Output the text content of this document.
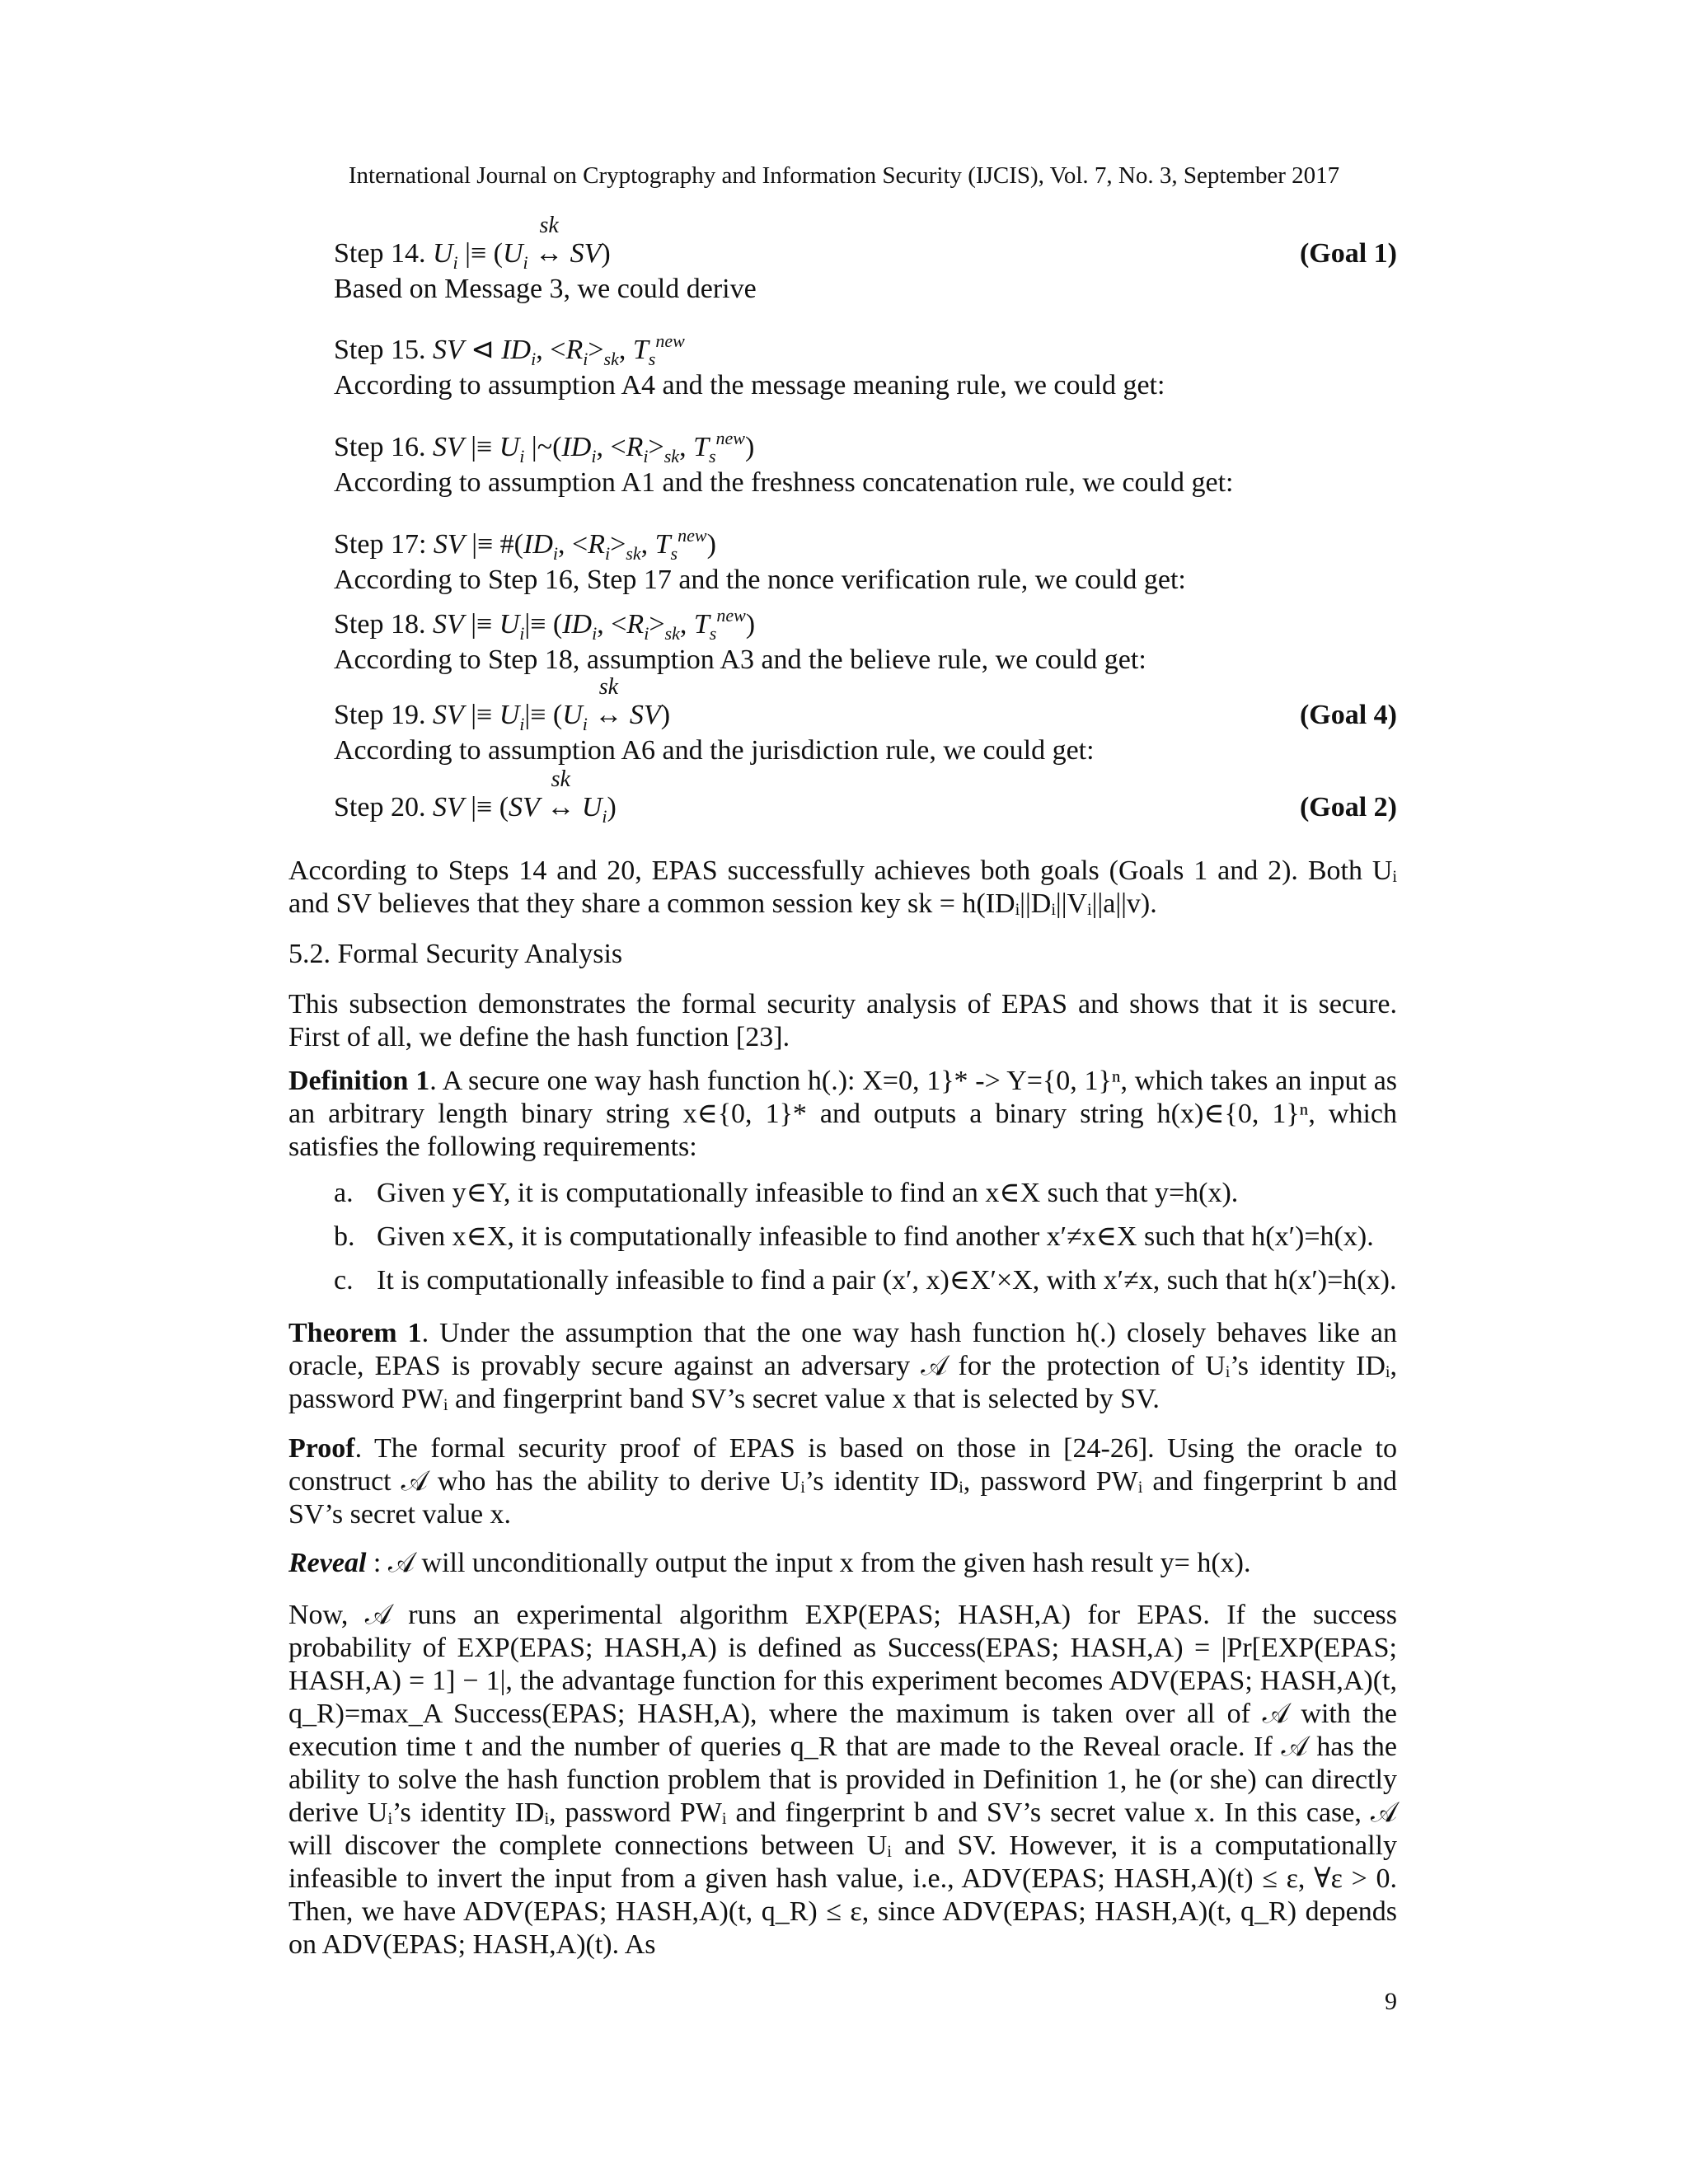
International Journal on Cryptography and Information Security (IJCIS), Vol. 7, No. 3, September 2017
Step 14. $U_i$ |≡ ($U_i$
sk
↔ SV)	(Goal 1)
Based on Message 3, we could derive
Step 15. SV ⊲ $ID_i$, $<R_i>_{sk}$, $T_s^{new}$
According to assumption A4 and the message meaning rule, we could get:
Step 16. SV |≡ $U_i$ $|\sim(ID_i$, $<R_i>_{sk}$, $T_s^{new}$)
According to assumption A1 and the freshness concatenation rule, we could get:
Step 17: SV |≡ $\#(ID_i$, $<R_i>_{sk}$, $T_s^{new}$)
According to Step 16, Step 17 and the nonce verification rule, we could get:
Step 18. SV |≡ $U_i|\equiv (ID_i$, $<R_i>_{sk}$, $T_s^{new}$)
According to Step 18, assumption A3 and the believe rule, we could get:
Step 19. SV |≡ $U_i|\equiv (U_i$
sk
↔ SV)	(Goal 4)
According to assumption A6 and the jurisdiction rule, we could get:
Step 20. SV |≡ (SV
sk
↔ $U_i$)	(Goal 2)
According to Steps 14 and 20, EPAS successfully achieves both goals (Goals 1 and 2). Both Uᵢ and SV believes that they share a common session key sk = h(IDᵢ||Dᵢ||Vᵢ||a||v).
5.2. Formal Security Analysis
This subsection demonstrates the formal security analysis of EPAS and shows that it is secure. First of all, we define the hash function [23].
Definition 1. A secure one way hash function h(.): X=0, 1}* -> Y={0, 1}ⁿ, which takes an input as an arbitrary length binary string x∈{0, 1}* and outputs a binary string h(x)∈{0, 1}ⁿ, which satisfies the following requirements:
a. Given y∈Y, it is computationally infeasible to find an x∈X such that y=h(x).
b. Given x∈X, it is computationally infeasible to find another x′≠x∈X such that h(x′)=h(x).
c. It is computationally infeasible to find a pair (x′, x)∈X′×X, with x′≠x, such that h(x′)=h(x).
Theorem 1. Under the assumption that the one way hash function h(.) closely behaves like an oracle, EPAS is provably secure against an adversary 𝒜 for the protection of Uᵢ’s identity IDᵢ, password PWᵢ and fingerprint band SV’s secret value x that is selected by SV.
Proof. The formal security proof of EPAS is based on those in [24-26]. Using the oracle to construct 𝒜 who has the ability to derive Uᵢ’s identity IDᵢ, password PWᵢ and fingerprint b and SV’s secret value x.
Reveal : 𝒜 will unconditionally output the input x from the given hash result y= h(x).
Now, 𝒜 runs an experimental algorithm EXP(EPAS; HASH,A) for EPAS. If the success probability of EXP(EPAS; HASH,A) is defined as Success(EPAS; HASH,A) = |Pr[EXP(EPAS; HASH,A) = 1] − 1|, the advantage function for this experiment becomes ADV(EPAS; HASH,A)(t, q_R)=max_A Success(EPAS; HASH,A), where the maximum is taken over all of 𝒜 with the execution time t and the number of queries q_R that are made to the Reveal oracle. If 𝒜 has the ability to solve the hash function problem that is provided in Definition 1, he (or she) can directly derive Uᵢ’s identity IDᵢ, password PWᵢ and fingerprint b and SV’s secret value x. In this case, 𝒜 will discover the complete connections between Uᵢ and SV. However, it is a computationally infeasible to invert the input from a given hash value, i.e., ADV(EPAS; HASH,A)(t) ≤ ε, ∀ε > 0. Then, we have ADV(EPAS; HASH,A)(t, q_R) ≤ ε, since ADV(EPAS; HASH,A)(t, q_R) depends on ADV(EPAS; HASH,A)(t). As
9
